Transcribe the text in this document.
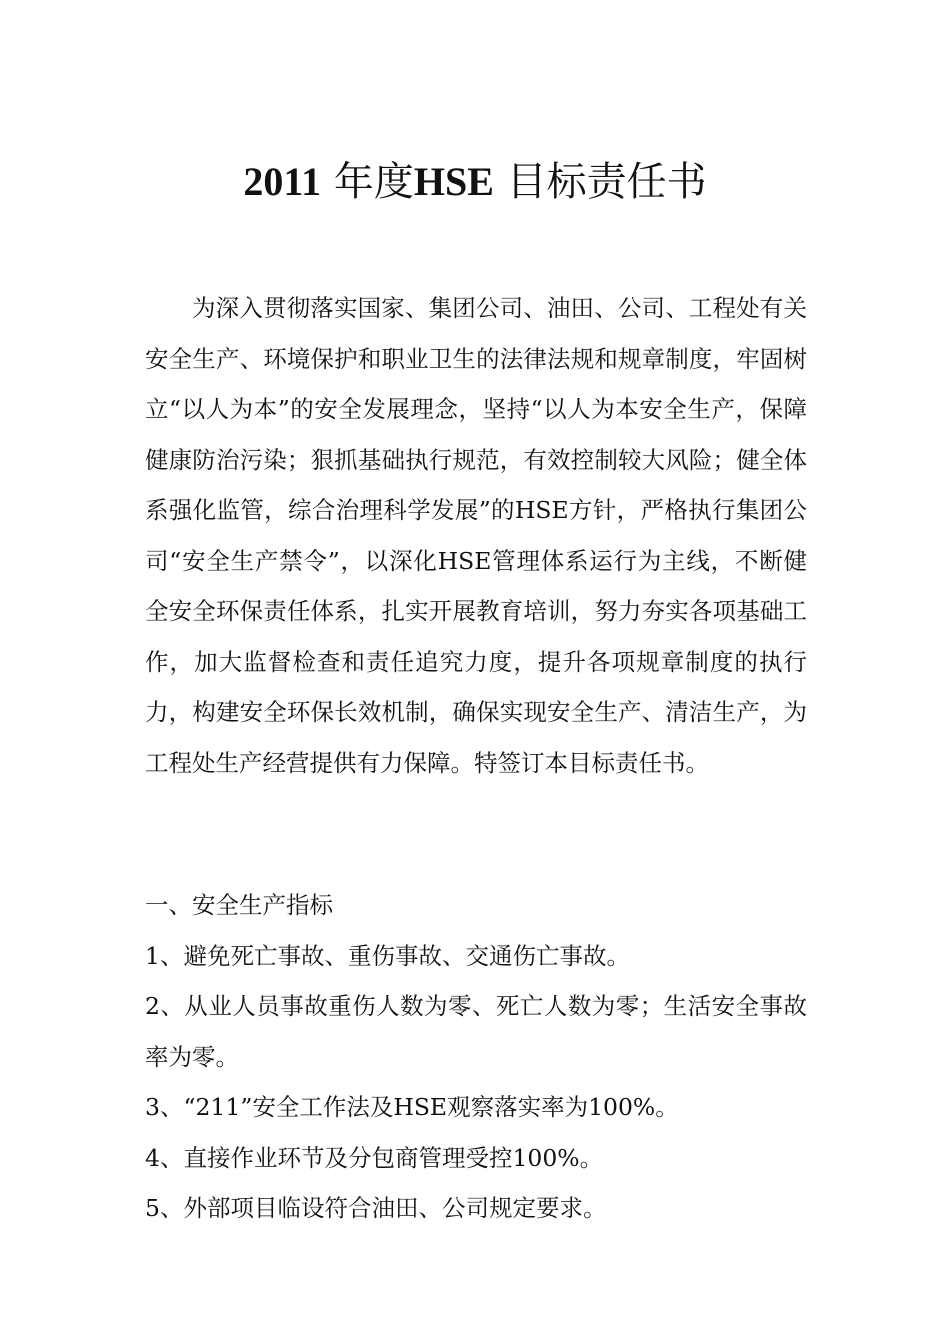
2011 年度HSE 目标责任书

为深入贯彻落实国家、集团公司、油田、公司、工程处有关安全生产、环境保护和职业卫生的法律法规和规章制度，牢固树立“以人为本”的安全发展理念，坚持“以人为本安全生产，保障健康防治污染；狠抓基础执行规范，有效控制较大风险；健全体系强化监管，综合治理科学发展”的HSE方针，严格执行集团公司“安全生产禁令”，以深化HSE管理体系运行为主线，不断健全安全环保责任体系，扎实开展教育培训，努力夯实各项基础工作，加大监督检查和责任追究力度，提升各项规章制度的执行力，构建安全环保长效机制，确保实现安全生产、清洁生产，为工程处生产经营提供有力保障。特签订本目标责任书。

一、安全生产指标

1、避免死亡事故、重伤事故、交通伤亡事故。

2、从业人员事故重伤人数为零、死亡人数为零；生活安全事故率为零。

3、“211”安全工作法及HSE观察落实率为100%。

4、直接作业环节及分包商管理受控100%。

5、外部项目临设符合油田、公司规定要求。
